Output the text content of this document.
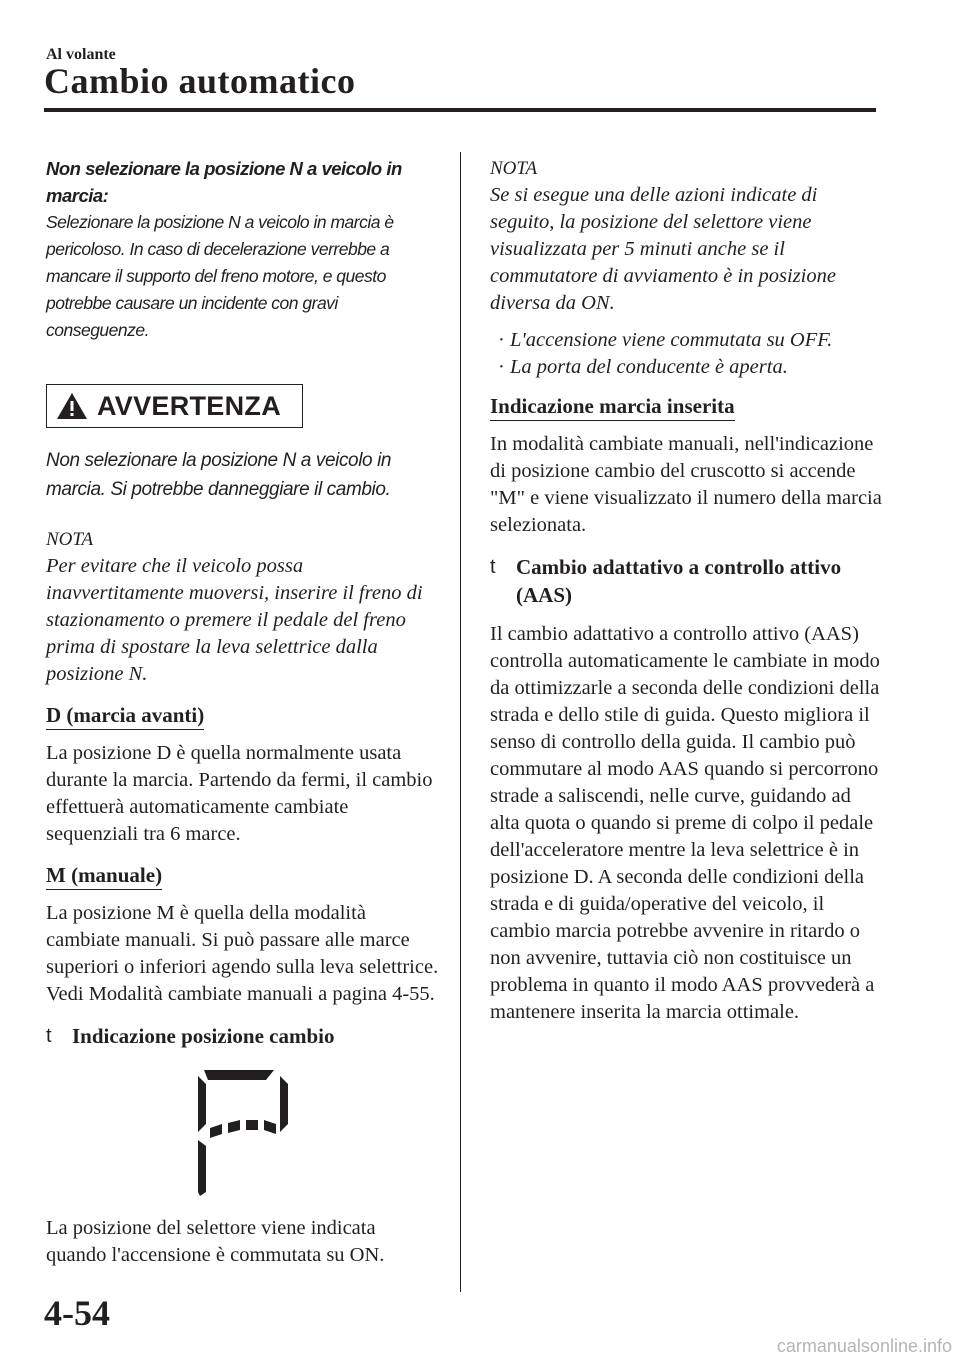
Al volante
Cambio automatico

Non selezionare la posizione N a veicolo in marcia:

Selezionare la posizione N a veicolo in marcia è pericoloso. In caso di decelerazione verrebbe a mancare il supporto del freno motore, e questo potrebbe causare un incidente con gravi conseguenze.

AVVERTENZA

Non selezionare la posizione N a veicolo in marcia. Si potrebbe danneggiare il cambio.

NOTA

Per evitare che il veicolo possa inavvertitamente muoversi, inserire il freno di stazionamento o premere il pedale del freno prima di spostare la leva selettrice dalla posizione N.

D (marcia avanti)

La posizione D è quella normalmente usata durante la marcia. Partendo da fermi, il cambio effettuerà automaticamente cambiate sequenziali tra 6 marce.

M (manuale)

La posizione M è quella della modalità cambiate manuali. Si può passare alle marce superiori o inferiori agendo sulla leva selettrice. Vedi Modalità cambiate manuali a pagina 4-55.

t Indicazione posizione cambio

La posizione del selettore viene indicata quando l'accensione è commutata su ON.

NOTA

Se si esegue una delle azioni indicate di seguito, la posizione del selettore viene visualizzata per 5 minuti anche se il commutatore di avviamento è in posizione diversa da ON.

· L'accensione viene commutata su OFF.
· La porta del conducente è aperta.
Indicazione marcia inserita

In modalità cambiate manuali, nell'indicazione di posizione cambio del cruscotto si accende "M" e viene visualizzato il numero della marcia selezionata.

t Cambio adattativo a controllo attivo (AAS)

Il cambio adattativo a controllo attivo (AAS) controlla automaticamente le cambiate in modo da ottimizzarle a seconda delle condizioni della strada e dello stile di guida. Questo migliora il senso di controllo della guida. Il cambio può commutare al modo AAS quando si percorrono strade a saliscendi, nelle curve, guidando ad alta quota o quando si preme di colpo il pedale dell'acceleratore mentre la leva selettrice è in posizione D. A seconda delle condizioni della strada e di guida/operative del veicolo, il cambio marcia potrebbe avvenire in ritardo o non avvenire, tuttavia ciò non costituisce un problema in quanto il modo AAS provvederà a mantenere inserita la marcia ottimale.

4-54
carmanualsonline.info
